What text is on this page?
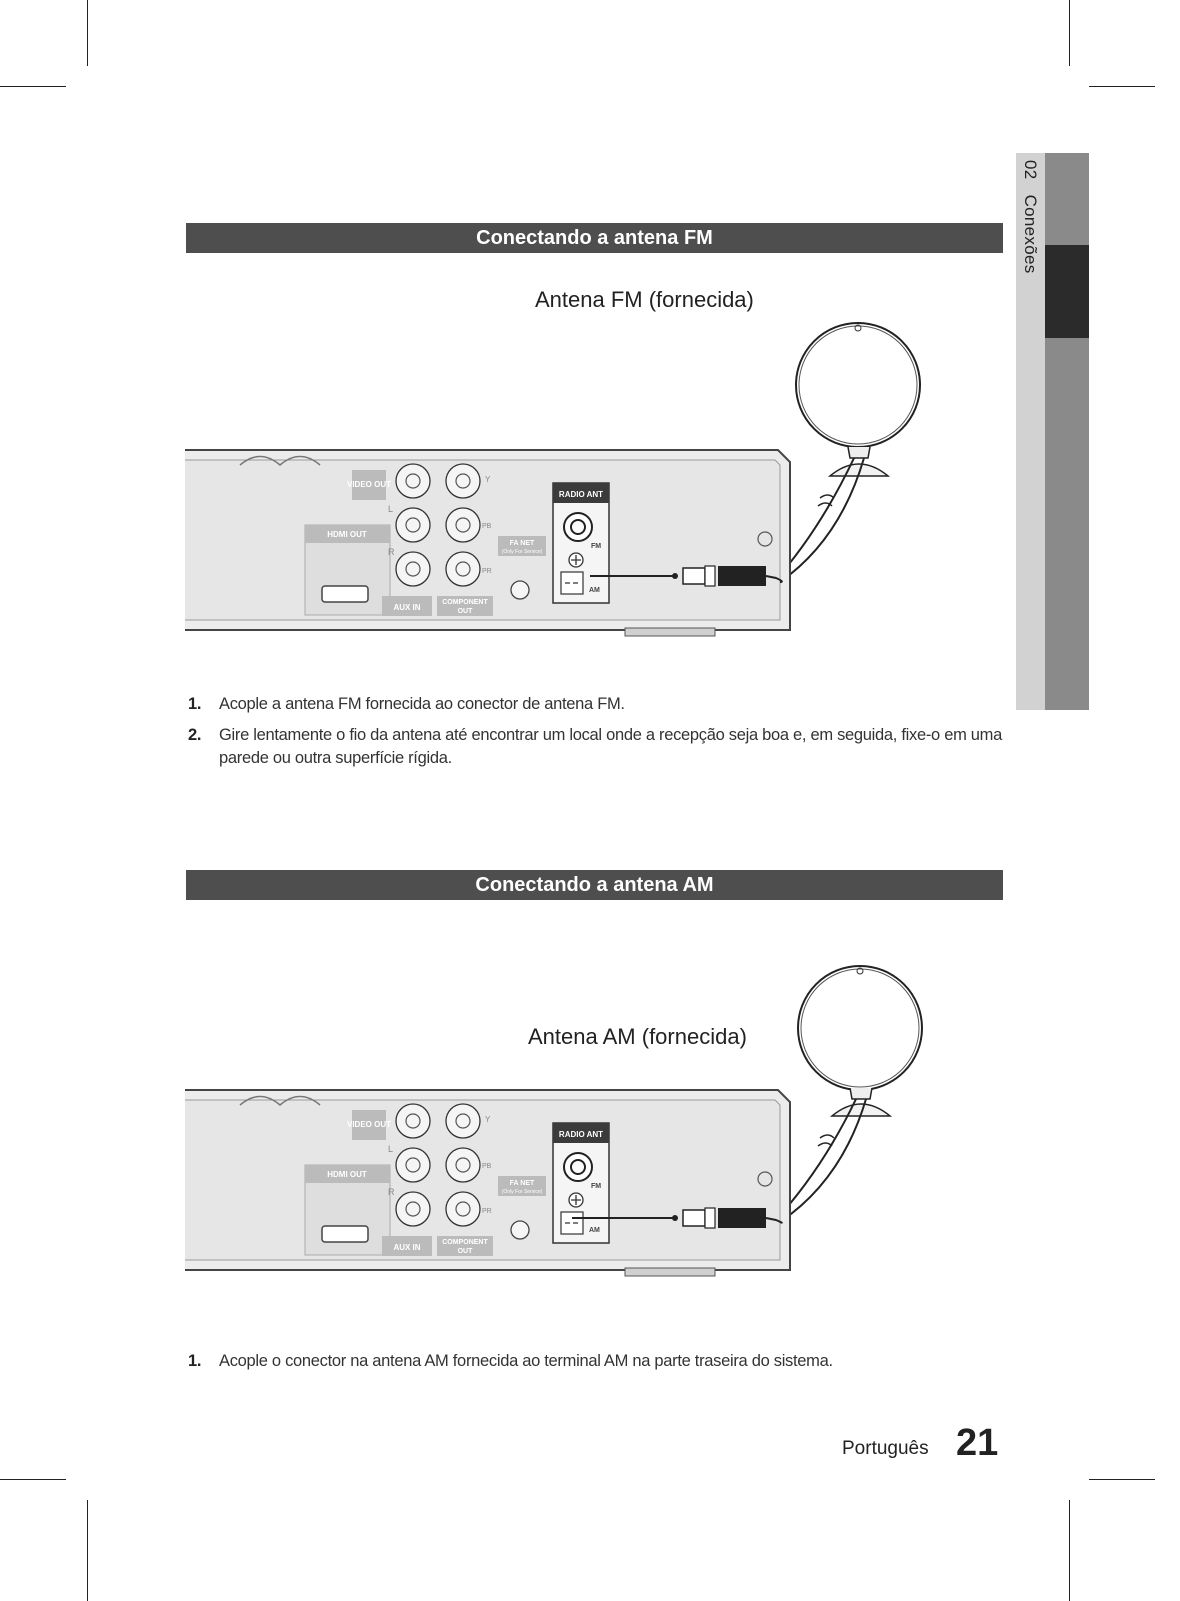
02   Conexões
Conectando a antena FM
Antena FM (fornecida)
VIDEO OUT
HDMI OUT
L
R
Y
PB
PR
AUX IN
COMPONENT
OUT
FA NET
(Only For Service)
RADIO ANT
FM
AM
1. Acople a antena FM fornecida ao conector de antena FM.
2. Gire lentamente o fio da antena até encontrar um local onde a recepção seja boa e, em seguida, fixe-o em uma parede ou outra superfície rígida.
Conectando a antena AM
Antena AM (fornecida)
VIDEO OUT
HDMI OUT
L
R
Y
PB
PR
AUX IN
COMPONENT
OUT
FA NET
(Only For Service)
RADIO ANT
FM
AM
1. Acople o conector na antena AM fornecida ao terminal AM na parte traseira do sistema.
Português 21
